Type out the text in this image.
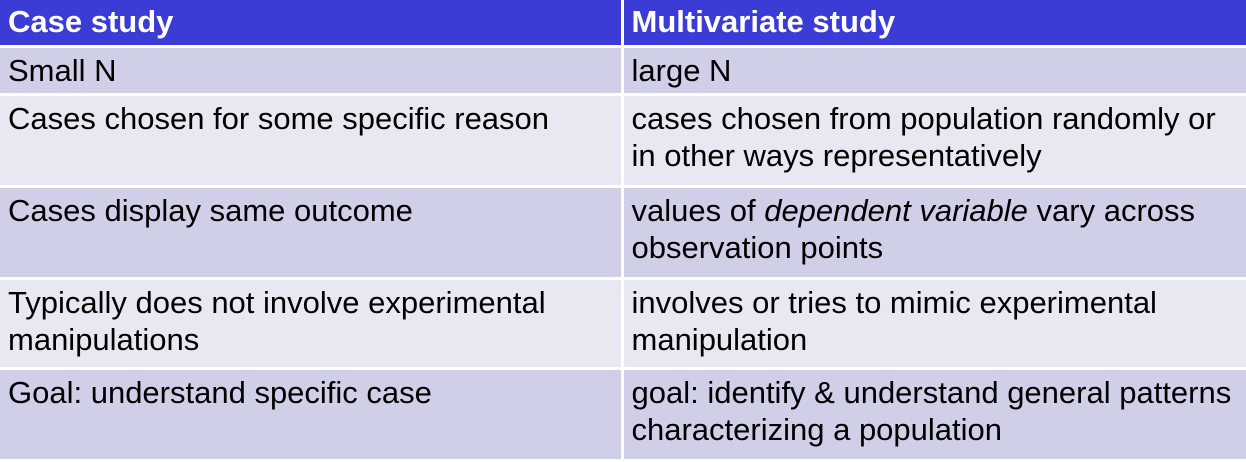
Case study	Multivariate study
Small N	large N
Cases chosen for some specific reason	cases chosen from population randomly or in other ways representatively
Cases display same outcome	values of dependent variable vary across observation points
Typically does not involve experimental manipulations	involves or tries to mimic experimental manipulation
Goal: understand specific case	goal: identify & understand general patterns characterizing a population
